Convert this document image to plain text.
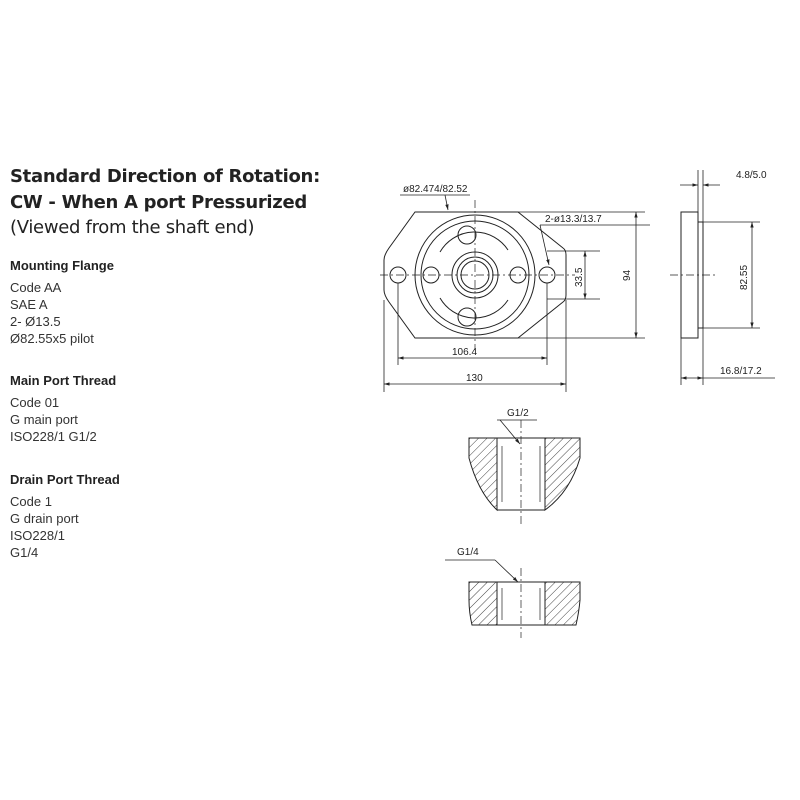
Standard Direction of Rotation:
CW - When A port Pressurized
(Viewed from the shaft end)
Mounting Flange
Code AA
SAE A
2- Ø13.5
Ø82.55x5 pilot
Main Port Thread
Code 01
G main port
ISO228/1 G1/2
Drain Port Thread
Code 1
G drain port
ISO228/1
G1/4
ø82.474/82.52
2-ø13.3/13.7
33.5	94
106.4
130
4.8/5.0
82.55
16.8/17.2
G1/2
G1/4
